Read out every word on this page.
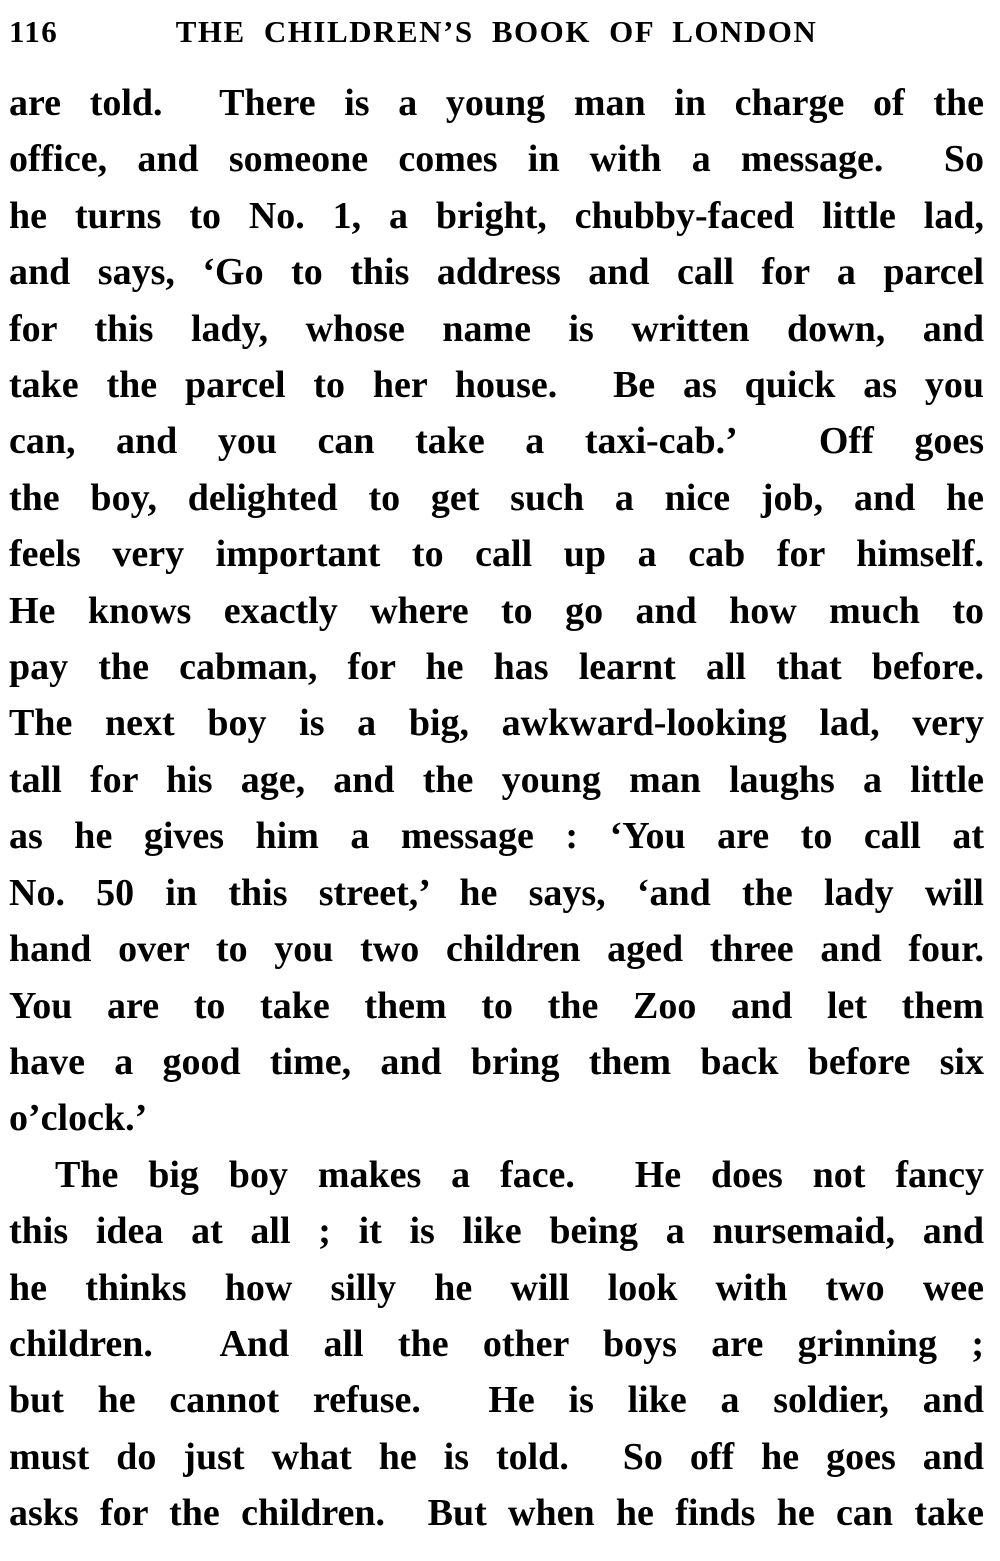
116	THE CHILDREN’S BOOK OF LONDON
are told.  There is a young man in charge of the
office, and someone comes in with a message.  So
he turns to No. 1, a bright, chubby-faced little lad,
and says, ‘Go to this address and call for a parcel
for this lady, whose name is written down, and
take the parcel to her house.  Be as quick as you
can, and you can take a taxi-cab.’  Off goes
the boy, delighted to get such a nice job, and he
feels very important to call up a cab for himself.
He knows exactly where to go and how much to
pay the cabman, for he has learnt all that before.
The next boy is a big, awkward-looking lad, very
tall for his age, and the young man laughs a little
as he gives him a message : ‘You are to call at
No. 50 in this street,’ he says, ‘and the lady will
hand over to you two children aged three and four.
You are to take them to the Zoo and let them
have a good time, and bring them back before six
o’clock.’
The big boy makes a face.  He does not fancy
this idea at all ; it is like being a nursemaid, and
he thinks how silly he will look with two wee
children.  And all the other boys are grinning ;
but he cannot refuse.  He is like a soldier, and
must do just what he is told.  So off he goes and
asks for the children.  But when he finds he can take
